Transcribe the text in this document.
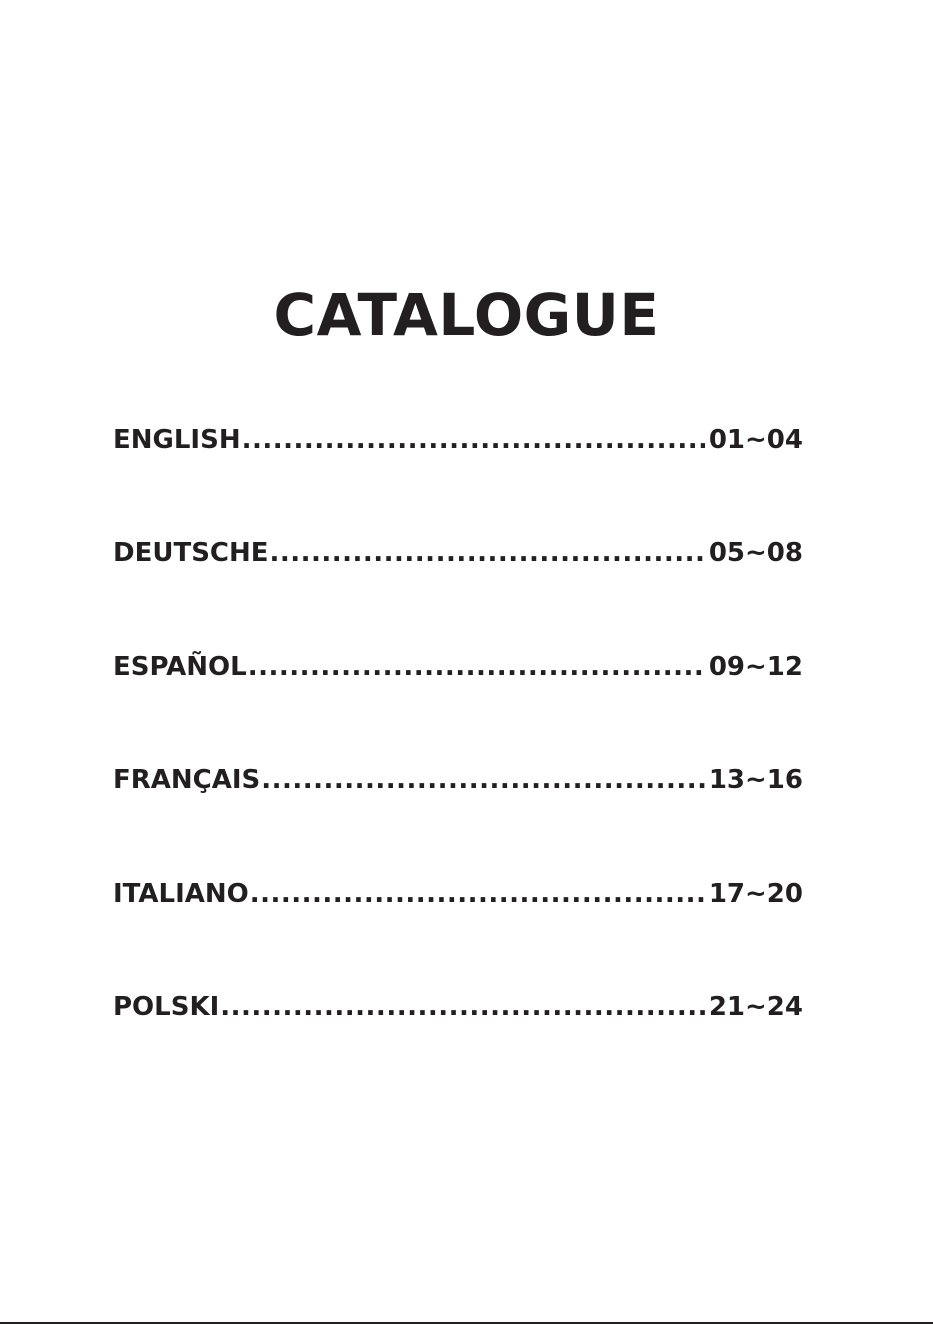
CATALOGUE
ENGLISH .....	01~04
DEUTSCHE .....	05~08
ESPAÑOL .....	09~12
FRANÇAIS .....	13~16
ITALIANO .....	17~20
POLSKI .....	21~24
